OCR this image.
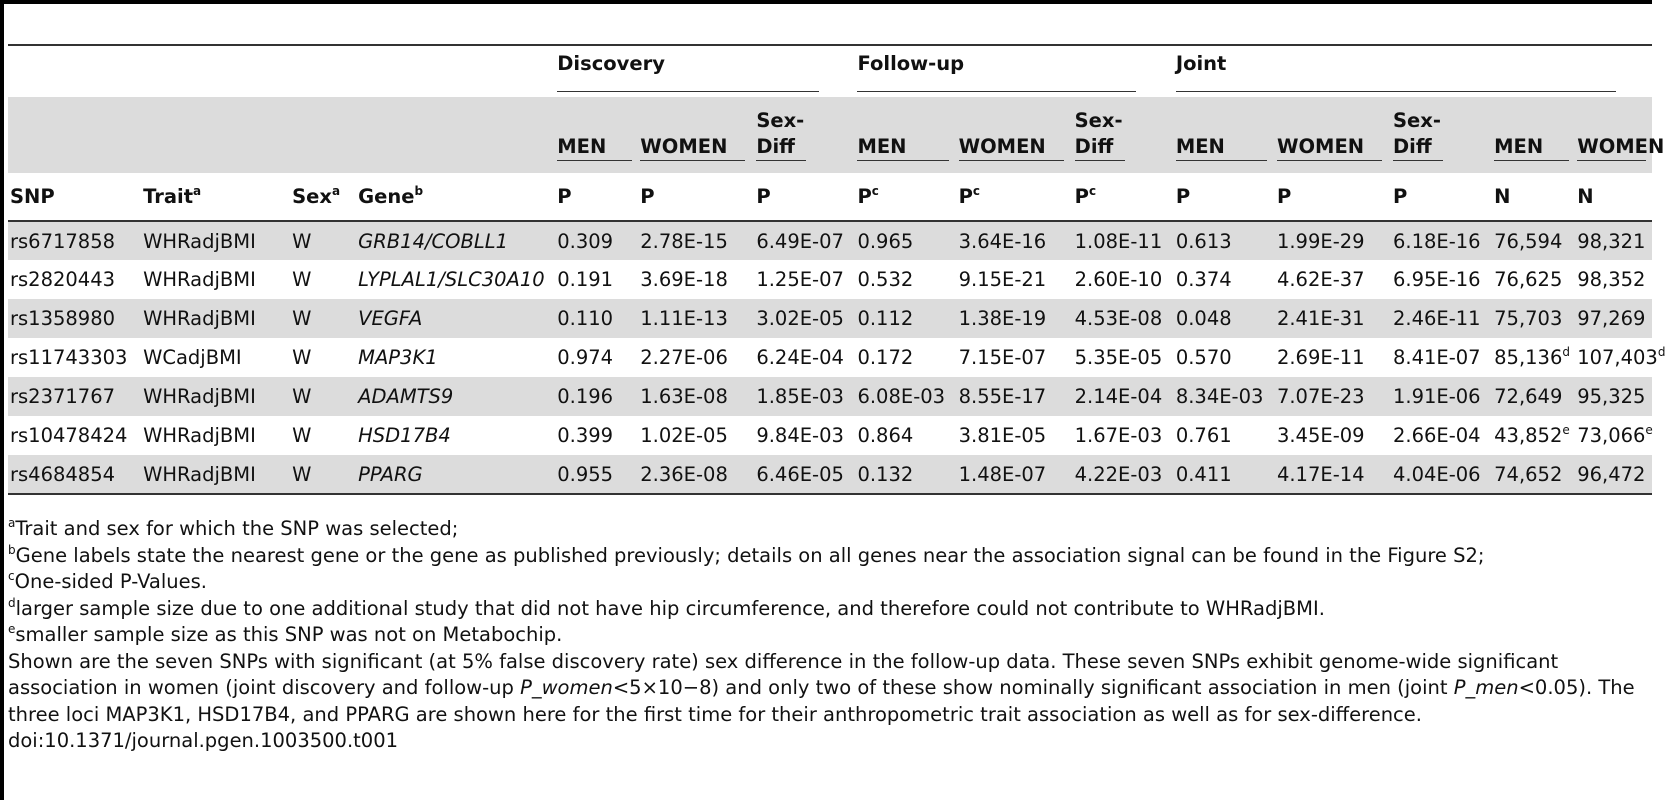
				Discovery			Follow-up			Joint				
				MEN	WOMEN	Sex-Diff	MEN	WOMEN	Sex-Diff	MEN	WOMEN	Sex-Diff	MEN	WOMEN
SNP	Trait$^a$	Sex$^a$	Gene$^b$	P	P	P	$P^c$	$P^c$	$P^c$	P	P	P	N	N
rs6717858	WHRadjBMI	W	GRB14/COBLL1	0.309	2.78E-15	6.49E-07	0.965	3.64E-16	1.08E-11	0.613	1.99E-29	6.18E-16	76,594	98,321
rs2820443	WHRadjBMI	W	LYPLAL1/SLC30A10	0.191	3.69E-18	1.25E-07	0.532	9.15E-21	2.60E-10	0.374	4.62E-37	6.95E-16	76,625	98,352
rs1358980	WHRadjBMI	W	VEGFA	0.110	1.11E-13	3.02E-05	0.112	1.38E-19	4.53E-08	0.048	2.41E-31	2.46E-11	75,703	97,269
rs11743303	WCadjBMI	W	MAP3K1	0.974	2.27E-06	6.24E-04	0.172	7.15E-07	5.35E-05	0.570	2.69E-11	8.41E-07	85,136$^d$	107,403$^d$
rs2371767	WHRadjBMI	W	ADAMTS9	0.196	1.63E-08	1.85E-03	6.08E-03	8.55E-17	2.14E-04	8.34E-03	7.07E-23	1.91E-06	72,649	95,325
rs10478424	WHRadjBMI	W	HSD17B4	0.399	1.02E-05	9.84E-03	0.864	3.81E-05	1.67E-03	0.761	3.45E-09	2.66E-04	43,852e	73,066e
rs4684854	WHRadjBMI	W	PPARG	0.955	2.36E-08	6.46E-05	0.132	1.48E-07	4.22E-03	0.411	4.17E-14	4.04E-06	74,652	96,472

$^a$Trait and sex for which the SNP was selected;

$^b$Gene labels state the nearest gene or the gene as published previously; details on all genes near the association signal can be found in the Figure S2;

$^c$One-sided P-Values.

$^d$larger sample size due to one additional study that did not have hip circumference, and therefore could not contribute to WHRadjBMI.

$^e$smaller sample size as this SNP was not on Metabochip.

Shown are the seven SNPs with significant (at 5% false discovery rate) sex difference in the follow-up data. These seven SNPs exhibit genome-wide significant association in women (joint discovery and follow-up P_women<5×10−8) and only two of these show nominally significant association in men (joint P_men<0.05). The three loci MAP3K1, HSD17B4, and PPARG are shown here for the first time for their anthropometric trait association as well as for sex-difference.

doi:10.1371/journal.pgen.1003500.t001
